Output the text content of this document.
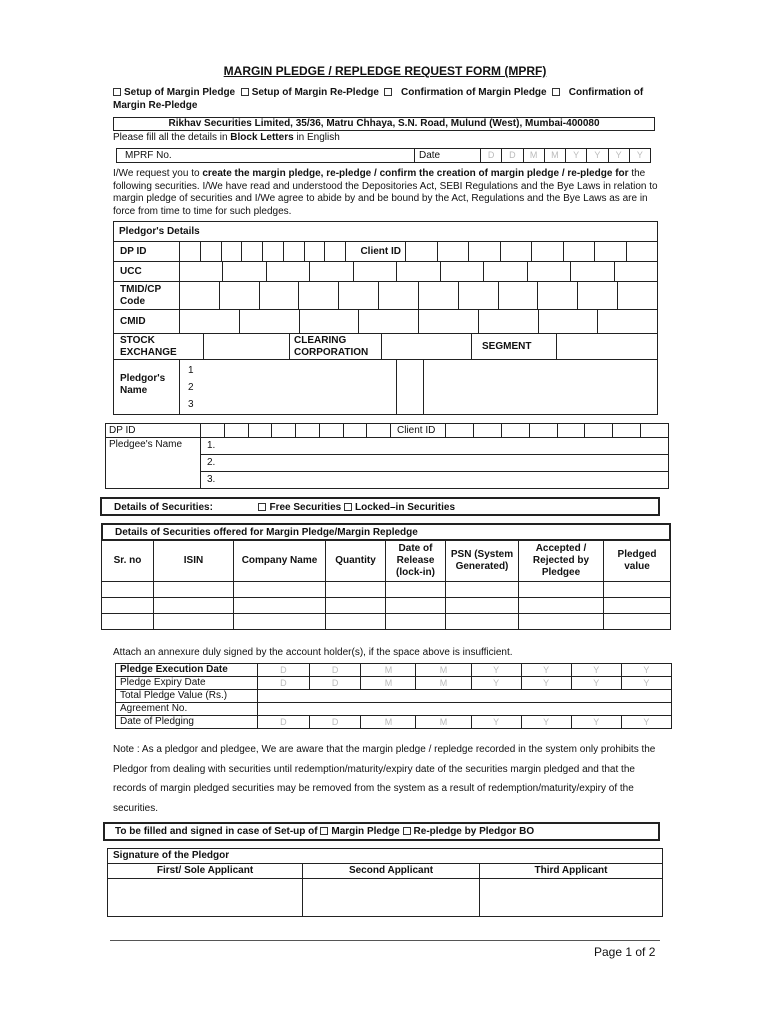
MARGIN PLEDGE / REPLEDGE REQUEST FORM (MPRF)
Setup of Margin Pledge Setup of Margin Re-Pledge Confirmation of Margin Pledge Confirmation of Margin Re-Pledge
Rikhav Securities Limited, 35/36, Matru Chhaya, S.N. Road, Mulund (West), Mumbai-400080
Please fill all the details in Block Letters in English
MPRF No.	Date	D	D	M	M	Y	Y	Y	Y
I/We request you to create the margin pledge, re-pledge / confirm the creation of margin pledge / re-pledge for the following securities. I/We have read and understood the Depositories Act, SEBI Regulations and the Bye Laws in relation to margin pledge of securities and I/We agree to abide by and be bound by the Act, Regulations and the Bye Laws as are in force from time to time for such pledges.
Pledgor's Details
DP ID	Client ID
UCC
TMID/CP Code
CMID
STOCK EXCHANGE
CLEARING CORPORATION
SEGMENT
Pledgor's Name
1
2
3
DP ID	Client ID
Pledgee's Name	1.
2.
3.
Details of Securities:	Free Securities Locked–in Securities
Details of Securities offered for Margin Pledge/Margin Repledge
Sr. no	ISIN	Company Name	Quantity	Date of Release (lock-in)	PSN (System Generated)	Accepted / Rejected by Pledgee	Pledged value

Attach an annexure duly signed by the account holder(s), if the space above is insufficient.
Pledge Execution Date	D	D	M	M	Y	Y	Y	Y
Pledge Expiry Date	D	D	M	M	Y	Y	Y	Y
Total Pledge Value (Rs.)								
Agreement No.								
Date of Pledging	D	D	M	M	Y	Y	Y	Y
Note : As a pledgor and pledgee, We are aware that the margin pledge / repledge recorded in the system only prohibits the Pledgor from dealing with securities until redemption/maturity/expiry date of the securities margin pledged and that the records of margin pledged securities may be removed from the system as a result of redemption/maturity/expiry of the securities.
To be filled and signed in case of Set-up of Margin Pledge Re-pledge by Pledgor BO
Signature of the Pledgor
First/ Sole Applicant	Second Applicant	Third Applicant
Page 1 of 2
